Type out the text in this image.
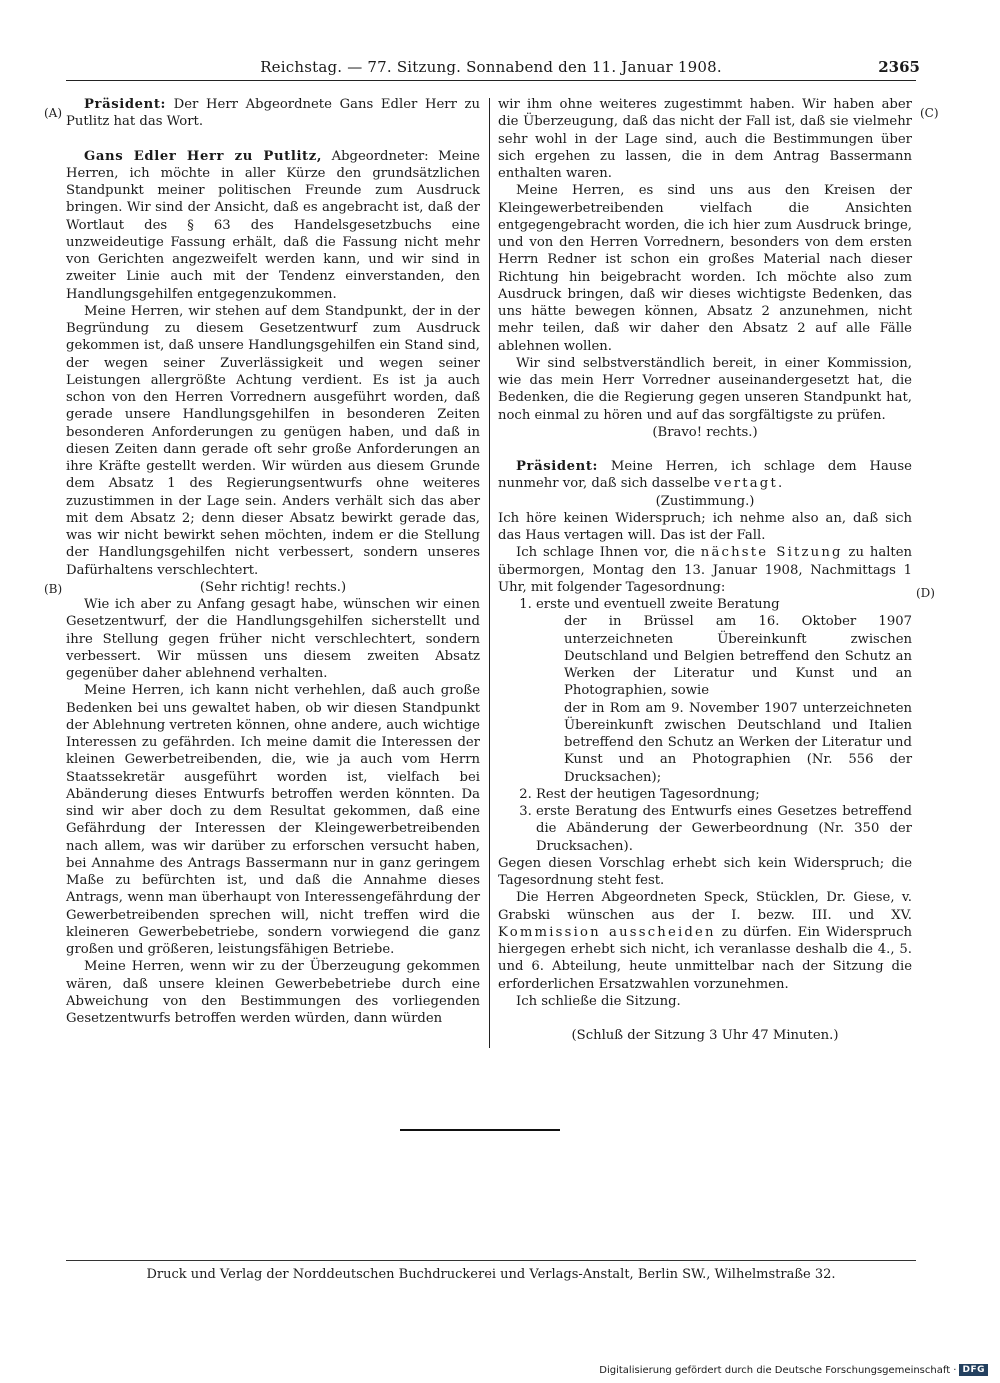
Reichstag. — 77. Sitzung. Sonnabend den 11. Januar 1908.	2365
(A)
(B)
(C)
(D)

Präsident: Der Herr Abgeordnete Gans Edler Herr zu Putlitz hat das Wort.

Gans Edler Herr zu Putlitz, Abgeordneter: Meine Herren, ich möchte in aller Kürze den grundsätzlichen Standpunkt meiner politischen Freunde zum Ausdruck bringen. Wir sind der Ansicht, daß es angebracht ist, daß der Wortlaut des § 63 des Handelsgesetzbuchs eine unzweideutige Fassung erhält, daß die Fassung nicht mehr von Gerichten angezweifelt werden kann, und wir sind in zweiter Linie auch mit der Tendenz einverstanden, den Handlungsgehilfen entgegenzukommen.

Meine Herren, wir stehen auf dem Standpunkt, der in der Begründung zu diesem Gesetzentwurf zum Ausdruck gekommen ist, daß unsere Handlungsgehilfen ein Stand sind, der wegen seiner Zuverlässigkeit und wegen seiner Leistungen allergrößte Achtung verdient. Es ist ja auch schon von den Herren Vorrednern ausgeführt worden, daß gerade unsere Handlungsgehilfen in besonderen Zeiten besonderen Anforderungen zu genügen haben, und daß in diesen Zeiten dann gerade oft sehr große Anforderungen an ihre Kräfte gestellt werden. Wir würden aus diesem Grunde dem Absatz 1 des Regierungsentwurfs ohne weiteres zuzustimmen in der Lage sein. Anders verhält sich das aber mit dem Absatz 2; denn dieser Absatz bewirkt gerade das, was wir nicht bewirkt sehen möchten, indem er die Stellung der Handlungsgehilfen nicht verbessert, sondern unseres Dafürhaltens verschlechtert.

(Sehr richtig! rechts.)

Wie ich aber zu Anfang gesagt habe, wünschen wir einen Gesetzentwurf, der die Handlungsgehilfen sicherstellt und ihre Stellung gegen früher nicht verschlechtert, sondern verbessert. Wir müssen uns diesem zweiten Absatz gegenüber daher ablehnend verhalten.

Meine Herren, ich kann nicht verhehlen, daß auch große Bedenken bei uns gewaltet haben, ob wir diesen Standpunkt der Ablehnung vertreten können, ohne andere, auch wichtige Interessen zu gefährden. Ich meine damit die Interessen der kleinen Gewerbetreibenden, die, wie ja auch vom Herrn Staatssekretär ausgeführt worden ist, vielfach bei Abänderung dieses Entwurfs betroffen werden könnten. Da sind wir aber doch zu dem Resultat gekommen, daß eine Gefährdung der Interessen der Kleingewerbetreibenden nach allem, was wir darüber zu erforschen versucht haben, bei Annahme des Antrags Bassermann nur in ganz geringem Maße zu befürchten ist, und daß die Annahme dieses Antrags, wenn man überhaupt von Interessengefährdung der Gewerbetreibenden sprechen will, nicht treffen wird die kleineren Gewerbebetriebe, sondern vorwiegend die ganz großen und größeren, leistungsfähigen Betriebe.

Meine Herren, wenn wir zu der Überzeugung gekommen wären, daß unsere kleinen Gewerbebetriebe durch eine Abweichung von den Bestimmungen des vorliegenden Gesetzentwurfs betroffen werden würden, dann würden

wir ihm ohne weiteres zugestimmt haben. Wir haben aber die Überzeugung, daß das nicht der Fall ist, daß sie vielmehr sehr wohl in der Lage sind, auch die Bestimmungen über sich ergehen zu lassen, die in dem Antrag Bassermann enthalten waren.

Meine Herren, es sind uns aus den Kreisen der Kleingewerbetreibenden vielfach die Ansichten entgegengebracht worden, die ich hier zum Ausdruck bringe, und von den Herren Vorrednern, besonders von dem ersten Herrn Redner ist schon ein großes Material nach dieser Richtung hin beigebracht worden. Ich möchte also zum Ausdruck bringen, daß wir dieses wichtigste Bedenken, das uns hätte bewegen können, Absatz 2 anzunehmen, nicht mehr teilen, daß wir daher den Absatz 2 auf alle Fälle ablehnen wollen.

Wir sind selbstverständlich bereit, in einer Kommission, wie das mein Herr Vorredner auseinandergesetzt hat, die Bedenken, die die Regierung gegen unseren Standpunkt hat, noch einmal zu hören und auf das sorgfältigste zu prüfen.

(Bravo! rechts.)

Präsident: Meine Herren, ich schlage dem Hause nunmehr vor, daß sich dasselbe vertagt.

(Zustimmung.)

Ich höre keinen Widerspruch; ich nehme also an, daß sich das Haus vertagen will. Das ist der Fall.

Ich schlage Ihnen vor, die nächste Sitzung zu halten übermorgen, Montag den 13. Januar 1908, Nachmittags 1 Uhr, mit folgender Tagesordnung:

1. erste und eventuell zweite Beratung
der in Brüssel am 16. Oktober 1907 unterzeichneten Übereinkunft zwischen Deutschland und Belgien betreffend den Schutz an Werken der Literatur und Kunst und an Photographien, sowie
der in Rom am 9. November 1907 unterzeichneten Übereinkunft zwischen Deutschland und Italien betreffend den Schutz an Werken der Literatur und Kunst und an Photographien (Nr. 556 der Drucksachen);
2. Rest der heutigen Tagesordnung;
3. erste Beratung des Entwurfs eines Gesetzes betreffend die Abänderung der Gewerbeordnung (Nr. 350 der Drucksachen).

Gegen diesen Vorschlag erhebt sich kein Widerspruch; die Tagesordnung steht fest.

Die Herren Abgeordneten Speck, Stücklen, Dr. Giese, v. Grabski wünschen aus der I. bezw. III. und XV. Kommission ausscheiden zu dürfen. Ein Widerspruch hiergegen erhebt sich nicht, ich veranlasse deshalb die 4., 5. und 6. Abteilung, heute unmittelbar nach der Sitzung die erforderlichen Ersatzwahlen vorzunehmen.

Ich schließe die Sitzung.

(Schluß der Sitzung 3 Uhr 47 Minuten.)

Druck und Verlag der Norddeutschen Buchdruckerei und Verlags-Anstalt, Berlin SW., Wilhelmstraße 32.
Digitalisierung gefördert durch die Deutsche Forschungsgemeinschaft · DFG
